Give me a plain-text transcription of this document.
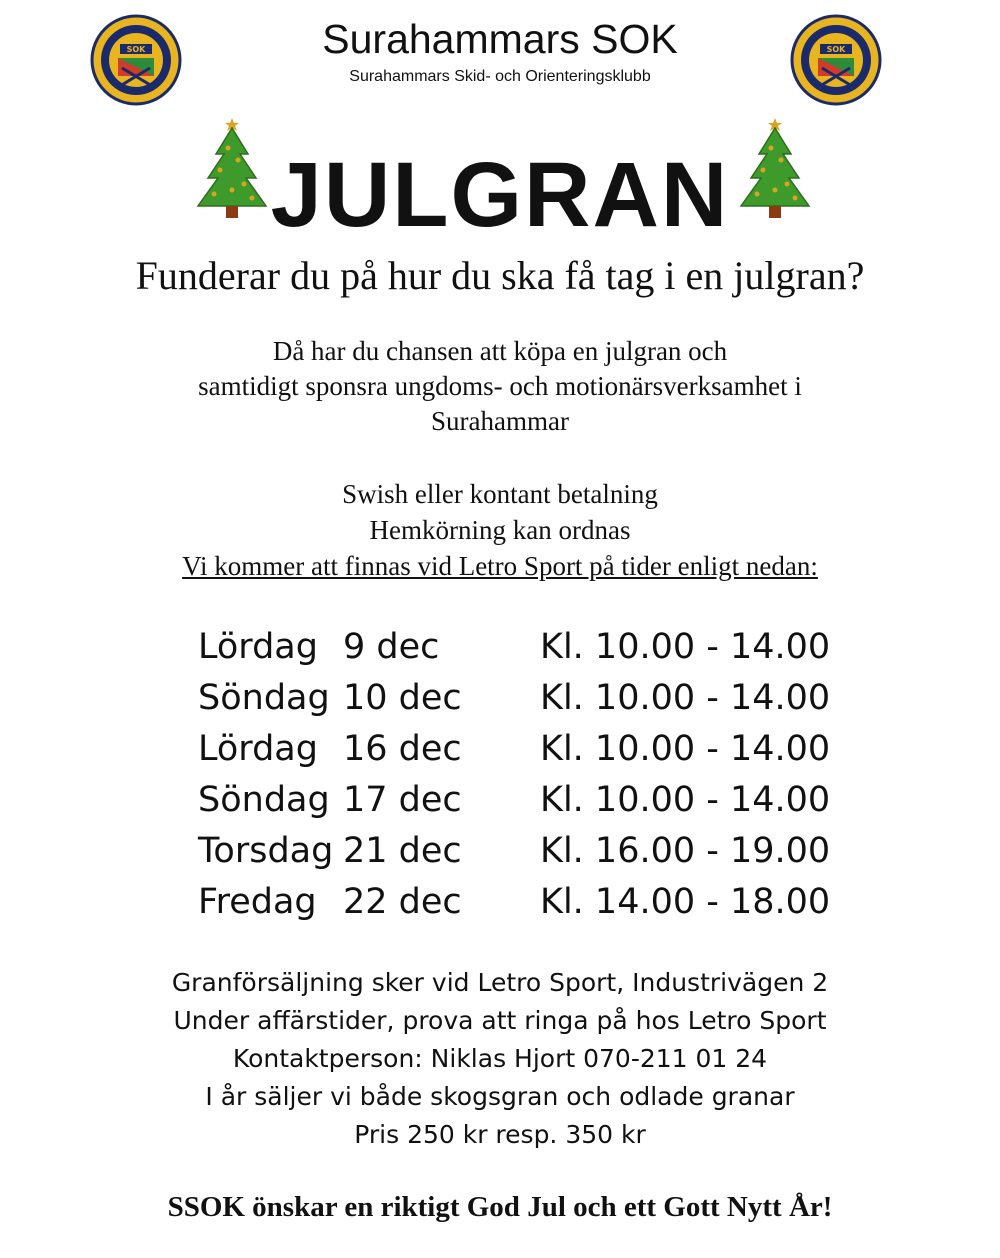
SOK	SOK
Surahammars SOK
Surahammars Skid- och Orienteringsklubb
JULGRAN
Funderar du på hur du ska få tag i en julgran?
Då har du chansen att köpa en julgran och
samtidigt sponsra ungdoms- och motionärsverksamhet i
Surahammar
Swish eller kontant betalning
Hemkörning kan ordnas
Vi kommer att finnas vid Letro Sport på tider enligt nedan:
Lördag 9 dec	Kl. 10.00 - 14.00
Söndag 10 dec Kl. 10.00 - 14.00
Lördag 16 dec Kl. 10.00 - 14.00
Söndag 17 dec Kl. 10.00 - 14.00
Torsdag 21 dec Kl. 16.00 - 19.00
Fredag 22 dec Kl. 14.00 - 18.00
Granförsäljning sker vid Letro Sport, Industrivägen 2
Under affärstider, prova att ringa på hos Letro Sport
Kontaktperson: Niklas Hjort 070-211 01 24
I år säljer vi både skogsgran och odlade granar
Pris 250 kr resp. 350 kr
SSOK önskar en riktigt God Jul och ett Gott Nytt År!
